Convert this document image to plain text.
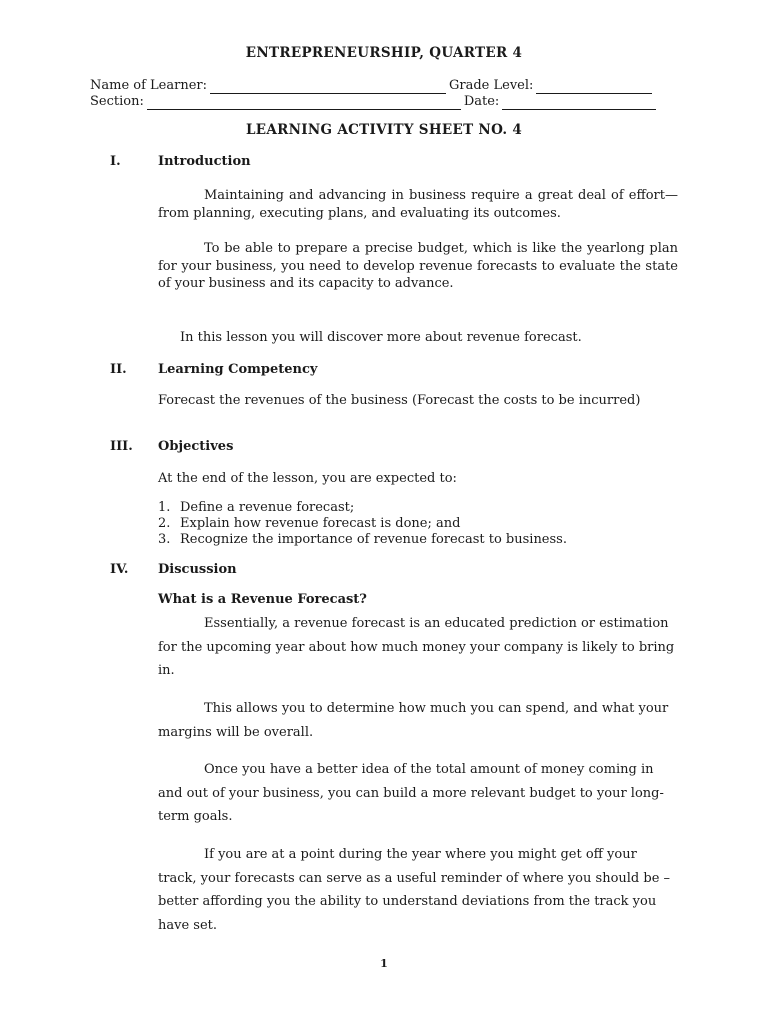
ENTREPRENEURSHIP, QUARTER 4
Name of Learner:	Grade Level:
Section:	Date:
LEARNING ACTIVITY SHEET NO. 4
I.	Introduction
Maintaining and advancing in business require a great deal of effort—from planning, executing plans, and evaluating its outcomes.
To be able to prepare a precise budget, which is like the yearlong plan for your business, you need to develop revenue forecasts to evaluate the state of your business and its capacity to advance.
In this lesson you will discover more about revenue forecast.
II. Learning Competency
Forecast the revenues of the business (Forecast the costs to be incurred)
III. Objectives
At the end of the lesson, you are expected to:
1. Define a revenue forecast;
2. Explain how revenue forecast is done; and
3. Recognize the importance of revenue forecast to business.
IV. Discussion
What is a Revenue Forecast?
Essentially, a revenue forecast is an educated prediction or estimation for the upcoming year about how much money your company is likely to bring in.
This allows you to determine how much you can spend, and what your margins will be overall.
Once you have a better idea of the total amount of money coming in and out of your business, you can build a more relevant budget to your long-term goals.
If you are at a point during the year where you might get off your track, your forecasts can serve as a useful reminder of where you should be – better affording you the ability to understand deviations from the track you have set.
1
